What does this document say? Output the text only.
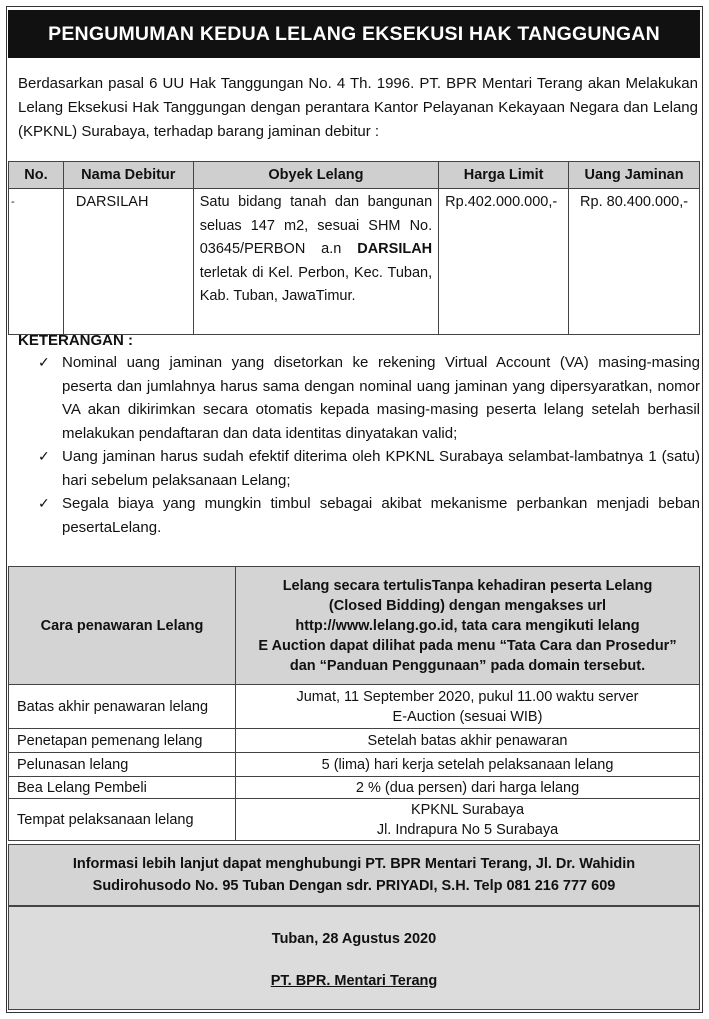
PENGUMUMAN KEDUA LELANG EKSEKUSI HAK TANGGUNGAN
Berdasarkan pasal 6 UU Hak Tanggungan No. 4 Th. 1996. PT. BPR Mentari Terang akan Melakukan Lelang Eksekusi Hak Tanggungan dengan perantara Kantor Pelayanan Kekayaan Negara dan Lelang (KPKNL) Surabaya, terhadap barang jaminan debitur :
No.	Nama Debitur	Obyek Lelang	Harga Limit	Uang Jaminan
-	DARSILAH	Satu bidang tanah dan bangunan seluas 147 m2, sesuai SHM No. 03645/PERBON a.n DARSILAH terletak di Kel. Perbon, Kec. Tuban, Kab. Tuban, JawaTimur.	Rp.402.000.000,-	Rp. 80.400.000,-
KETERANGAN :
✓ Nominal uang jaminan yang disetorkan ke rekening Virtual Account (VA) masing-masing peserta dan jumlahnya harus sama dengan nominal uang jaminan yang dipersyaratkan, nomor VA akan dikirimkan secara otomatis kepada masing-masing peserta lelang setelah berhasil melakukan pendaftaran dan data identitas dinyatakan valid;
✓ Uang jaminan harus sudah efektif diterima oleh KPKNL Surabaya selambat-lambatnya 1 (satu) hari sebelum pelaksanaan Lelang;
✓ Segala biaya yang mungkin timbul sebagai akibat mekanisme perbankan menjadi beban pesertaLelang.
Cara penawaran Lelang	Lelang secara tertulisTanpa kehadiran peserta Lelang
(Closed Bidding) dengan mengakses url
http://www.lelang.go.id, tata cara mengikuti lelang
E Auction dapat dilihat pada menu “Tata Cara dan Prosedur”
dan “Panduan Penggunaan” pada domain tersebut.

Batas akhir penawaran lelang	Jumat, 11 September 2020, pukul 11.00 waktu server
E-Auction (sesuai WIB)

Penetapan pemenang lelang	Setelah batas akhir penawaran
Pelunasan lelang	5 (lima) hari kerja setelah pelaksanaan lelang
Bea Lelang Pembeli	2 % (dua persen) dari harga lelang
Tempat pelaksanaan lelang	KPKNL Surabaya
Jl. Indrapura No 5 Surabaya
Informasi lebih lanjut dapat menghubungi PT. BPR Mentari Terang, Jl. Dr. Wahidin
Sudirohusodo No. 95 Tuban Dengan sdr. PRIYADI, S.H. Telp 081 216 777 609
Tuban, 28 Agustus 2020
PT. BPR. Mentari Terang
